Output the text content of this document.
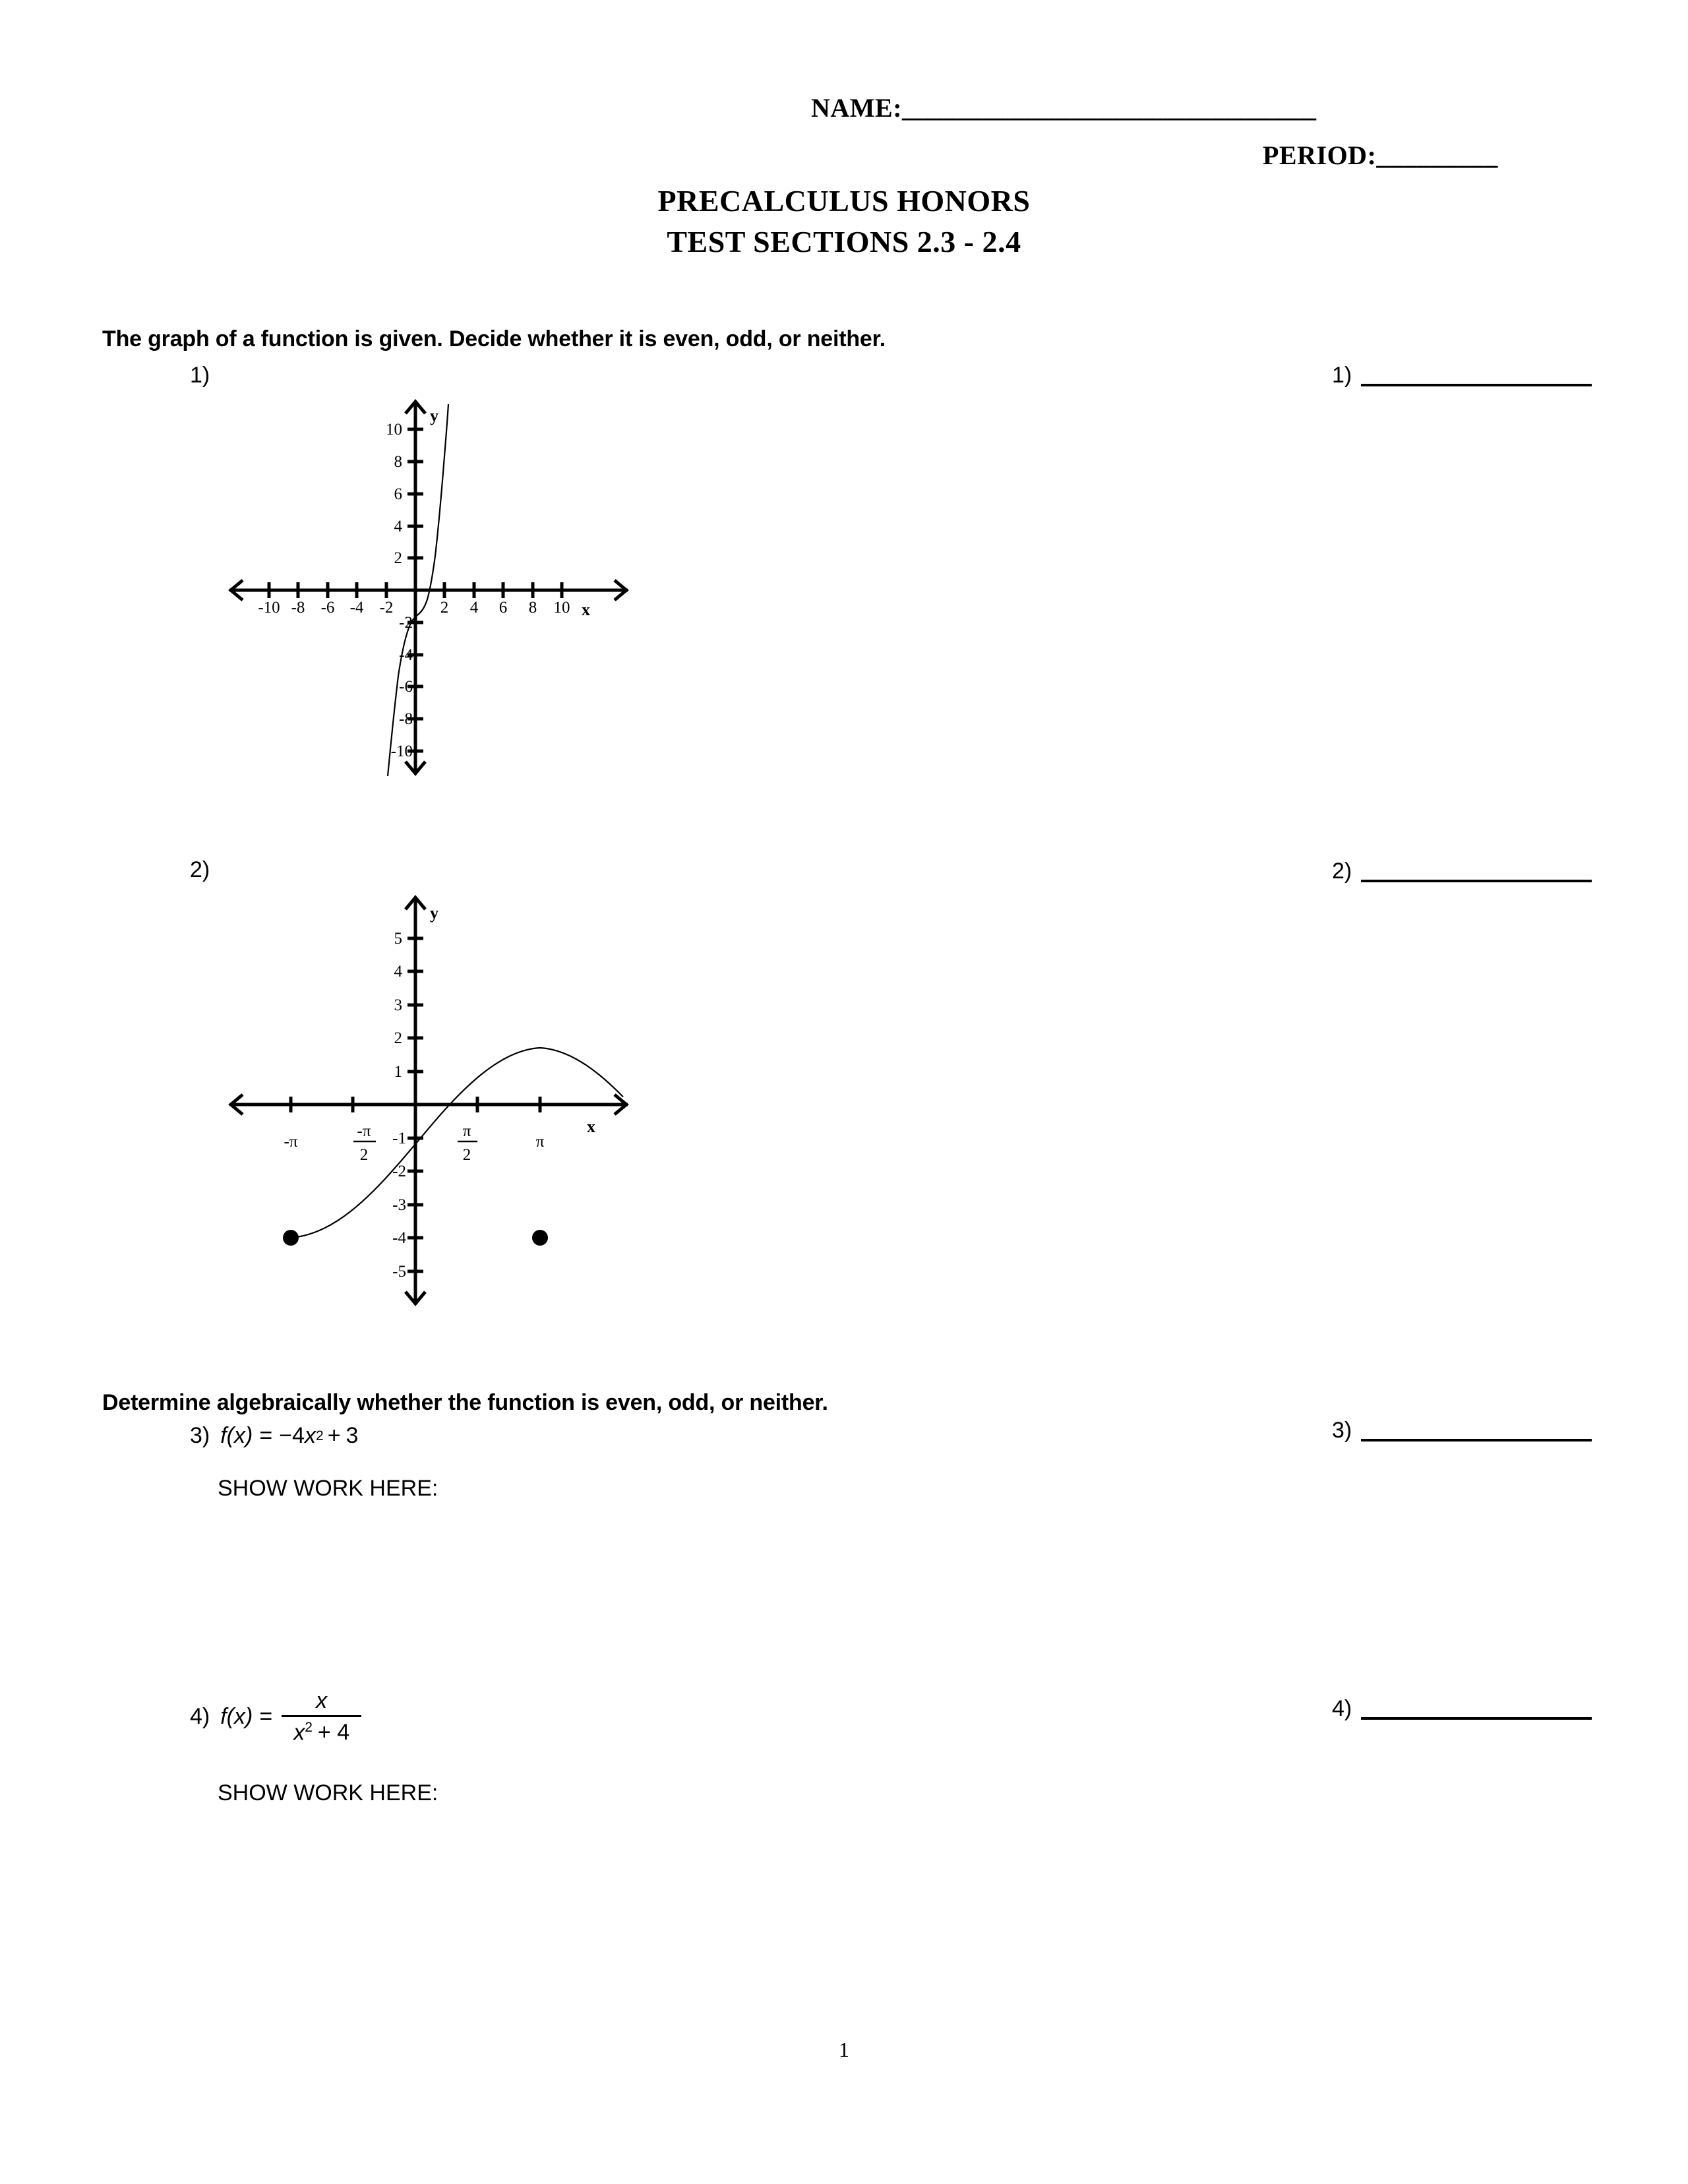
NAME:_________________________________
PERIOD:_________
PRECALCULUS HONORS
TEST SECTIONS 2.3 - 2.4
The graph of a function is given. Decide whether it is even, odd, or neither.
1)
-10 -8 -6 -4 -2	2 4 6 8 10
10
8
6
4
2
-2
-4
-6
-8
-10
y
x
1)
2)
-π
-π
2
π
2
π
5
4
3
2
1
-1
-2
-3
-4
-5
y
x
2)
Determine algebraically whether the function is even, odd, or neither.
3) f(x) = −4 x 2 + 3
SHOW WORK HERE:
3)
4) $f(x) = \frac{x}{x^2 + 4}$
SHOW WORK HERE:
4)
1
